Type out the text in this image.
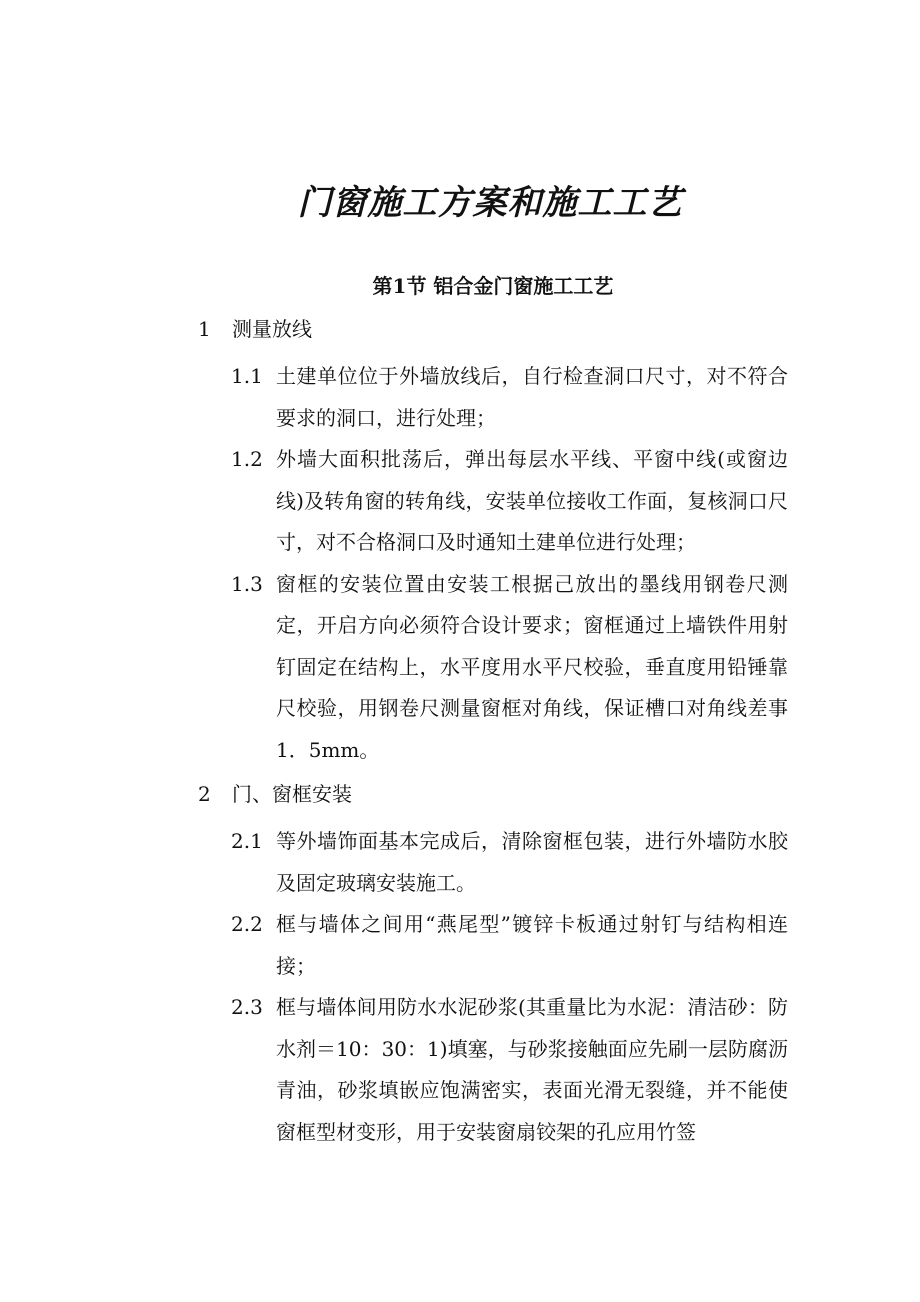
门窗施工方案和施工工艺
第1节 铝合金门窗施工工艺
1 测量放线
1.1 土建单位位于外墙放线后，自行检查洞口尺寸，对不符合要求的洞口，进行处理；
1.2 外墙大面积批荡后，弹出每层水平线、平窗中线(或窗边线)及转角窗的转角线，安装单位接收工作面，复核洞口尺寸，对不合格洞口及时通知土建单位进行处理；
1.3 窗框的安装位置由安装工根据己放出的墨线用钢卷尺测定，开启方向必须符合设计要求；窗框通过上墙铁件用射钉固定在结构上，水平度用水平尺校验，垂直度用铅锤靠尺校验，用钢卷尺测量窗框对角线，保证槽口对角线差事1．5mm。
2 门、窗框安装
2.1 等外墙饰面基本完成后，清除窗框包装，进行外墙防水胶及固定玻璃安装施工。
2.2 框与墙体之间用“燕尾型”镀锌卡板通过射钉与结构相连接；
2.3 框与墙体间用防水水泥砂浆(其重量比为水泥：清洁砂：防水剂＝10：30：1)填塞，与砂浆接触面应先刷一层防腐沥青油，砂浆填嵌应饱满密实，表面光滑无裂缝，并不能使窗框型材变形，用于安装窗扇铰架的孔应用竹签
